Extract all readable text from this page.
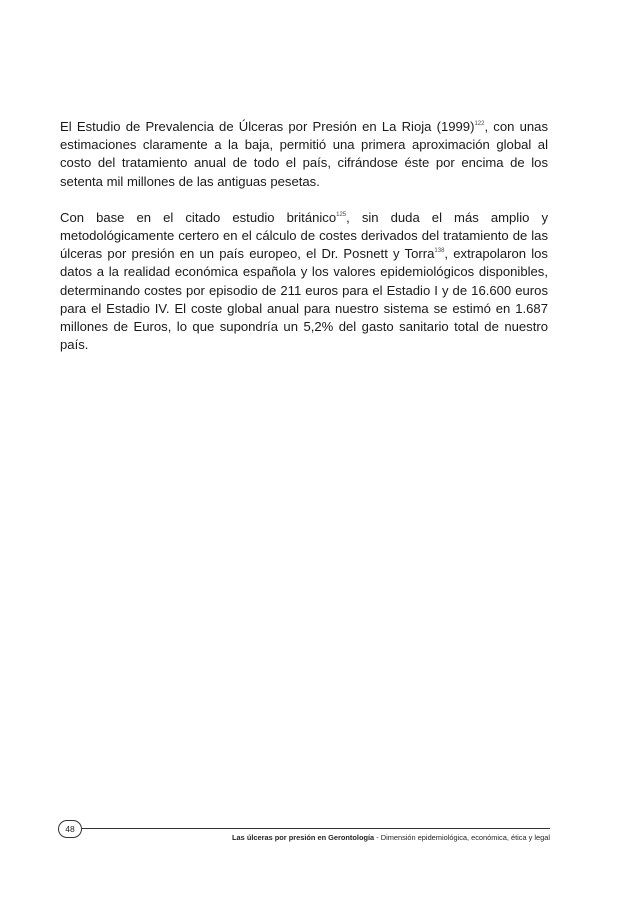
El Estudio de Prevalencia de Úlceras por Presión en La Rioja (1999)$^{122}$, con unas estimaciones claramente a la baja, permitió una primera aproximación global al costo del tratamiento anual de todo el país, cifrándose éste por encima de los setenta mil millones de las antiguas pesetas.

Con base en el citado estudio británico$^{125}$, sin duda el más amplio y metodológicamente certero en el cálculo de costes derivados del tratamiento de las úlceras por presión en un país europeo, el Dr. Posnett y Torra$^{138}$, extrapolaron los datos a la realidad económica española y los valores epidemiológicos disponibles, determinando costes por episodio de 211 euros para el Estadio I y de 16.600 euros para el Estadio IV. El coste global anual para nuestro sistema se estimó en 1.687 millones de Euros, lo que supondría un 5,2% del gasto sanitario total de nuestro país.

48
Las úlceras por presión en Gerontología - Dimensión epidemiológica, económica, ética y legal
